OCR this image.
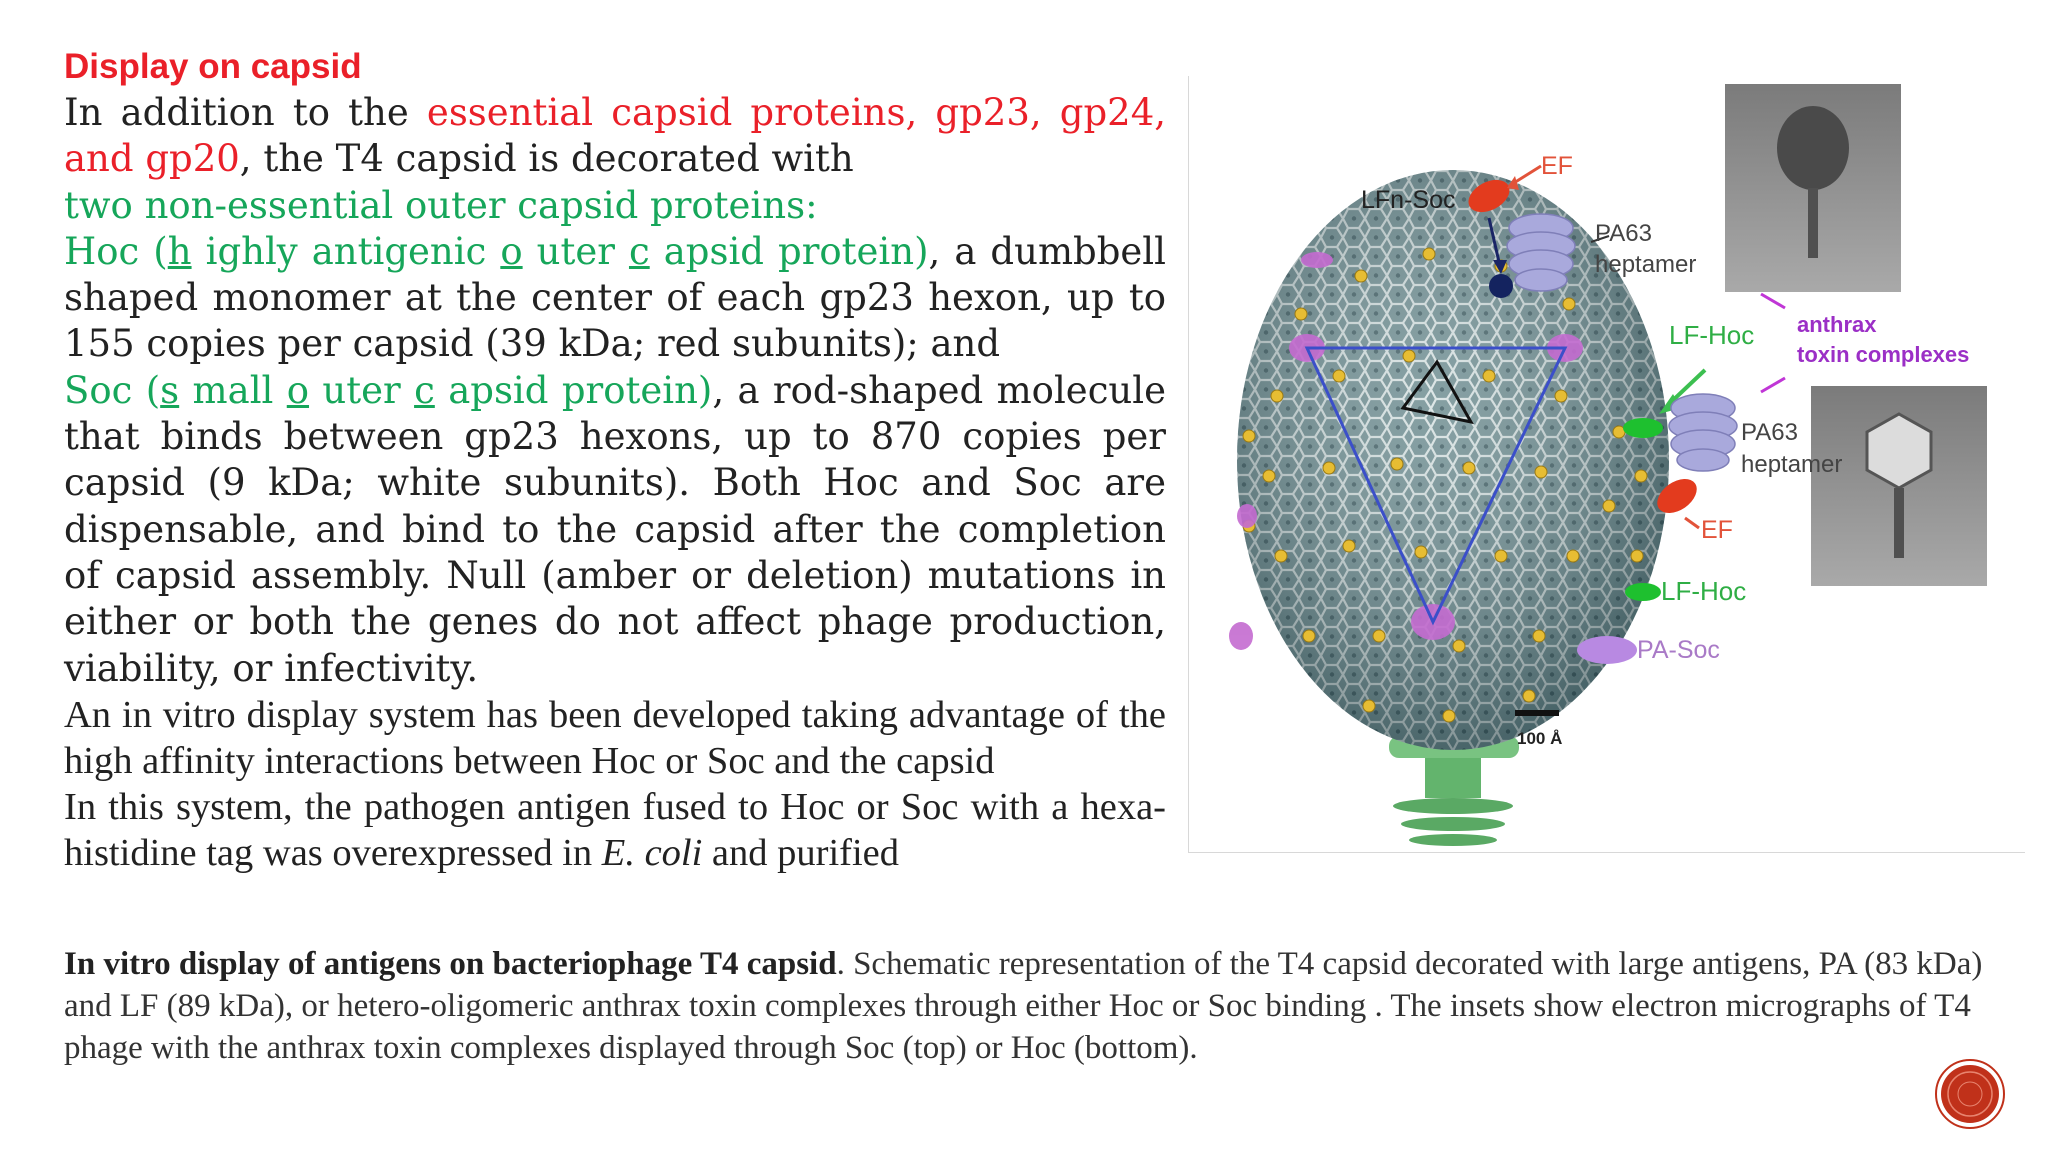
Display on capsid

In addition to the essential capsid proteins, gp23, gp24, and gp20, the T4 capsid is decorated with

two non-essential outer capsid proteins:

Hoc (h ighly antigenic o uter c apsid protein), a dumbbell shaped monomer at the center of each gp23 hexon, up to 155 copies per capsid (39 kDa; red subunits); and

Soc (s mall o uter c apsid protein), a rod-shaped molecule that binds between gp23 hexons, up to 870 copies per capsid (9 kDa; white subunits). Both Hoc and Soc are dispensable, and bind to the capsid after the completion of capsid assembly. Null (amber or deletion) mutations in either or both the genes do not affect phage production, viability, or infectivity.

An in vitro display system has been developed taking advantage of the high affinity interactions between Hoc or Soc and the capsid

In this system, the pathogen antigen fused to Hoc or Soc with a hexa-histidine tag was overexpressed in E. coli and purified

100 Å
LFn-Soc
EF
PA63
heptamer
LF-Hoc anthrax
toxin complexes
PA63
heptamer
EF
LF-Hoc
PA-Soc

In vitro display of antigens on bacteriophage T4 capsid. Schematic representation of the T4 capsid decorated with large antigens, PA (83 kDa) and LF (89 kDa), or hetero-oligomeric anthrax toxin complexes through either Hoc or Soc binding . The insets show electron micrographs of T4 phage with the anthrax toxin complexes displayed through Soc (top) or Hoc (bottom).
